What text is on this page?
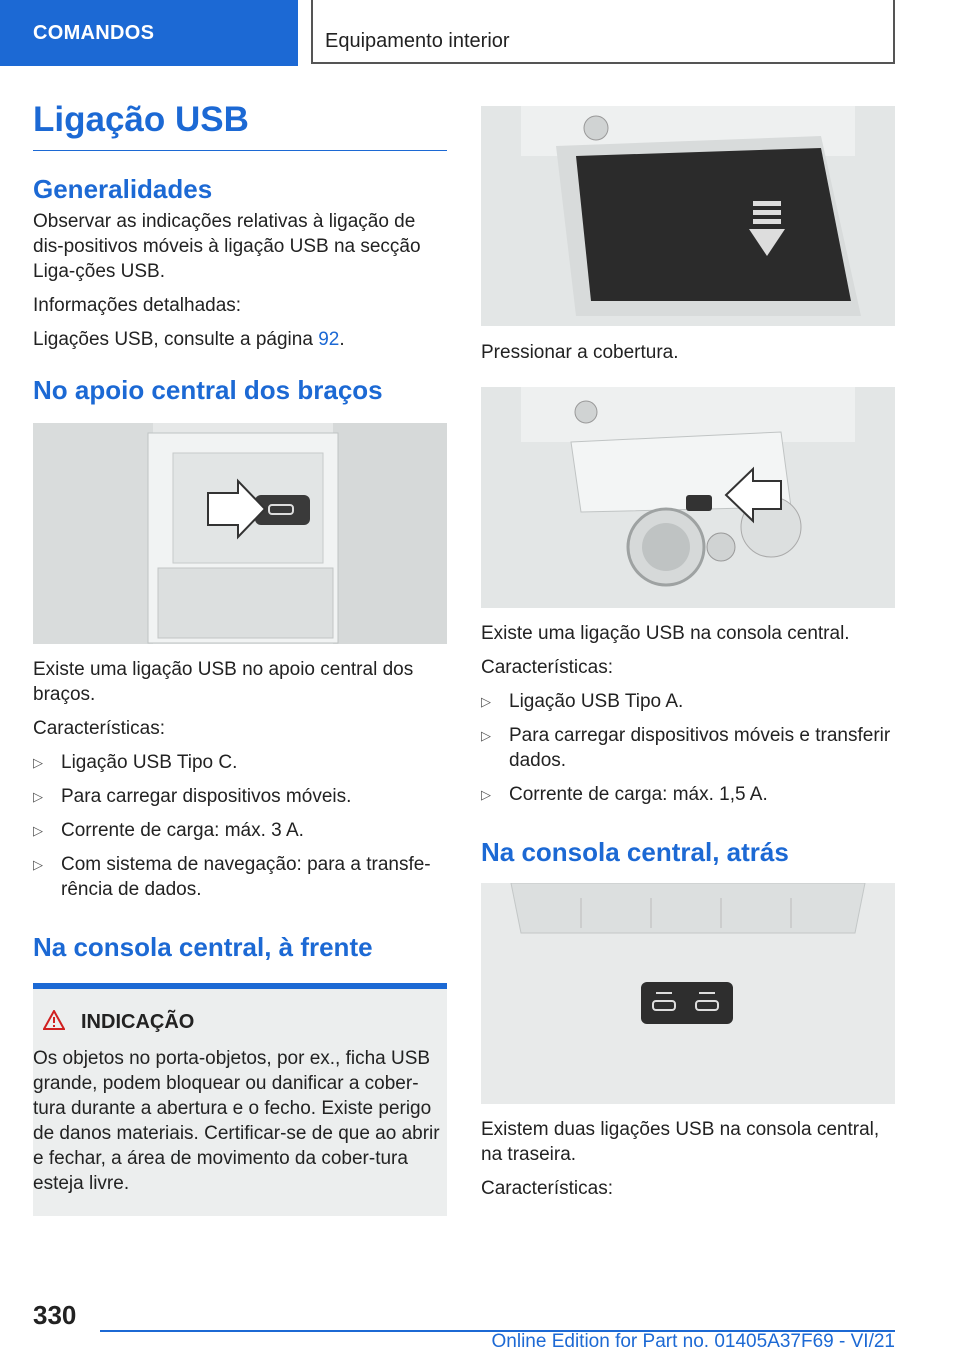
COMANDOS	Equipamento interior
Ligação USB
Generalidades

Observar as indicações relativas à ligação de dis-positivos móveis à ligação USB na secção Liga-ções USB.

Informações detalhadas:

Ligações USB, consulte a página 92.

No apoio central dos braços

Existe uma ligação USB no apoio central dos braços.

Características:

▷ Ligação USB Tipo C.
▷ Para carregar dispositivos móveis.
▷ Corrente de carga: máx. 3 A.
▷ Com sistema de navegação: para a transfe-rência de dados.
Na consola central, à frente
INDICAÇÃO

Os objetos no porta-objetos, por ex., ficha USB grande, podem bloquear ou danificar a cober-tura durante a abertura e o fecho. Existe perigo de danos materiais. Certificar-se de que ao abrir e fechar, a área de movimento da cober-tura esteja livre.

Pressionar a cobertura.

Existe uma ligação USB na consola central.

Características:

▷ Ligação USB Tipo A.
▷ Para carregar dispositivos móveis e transferir dados.
▷ Corrente de carga: máx. 1,5 A.
Na consola central, atrás

Existem duas ligações USB na consola central, na traseira.

Características:

330
Online Edition for Part no. 01405A37F69 - VI/21
